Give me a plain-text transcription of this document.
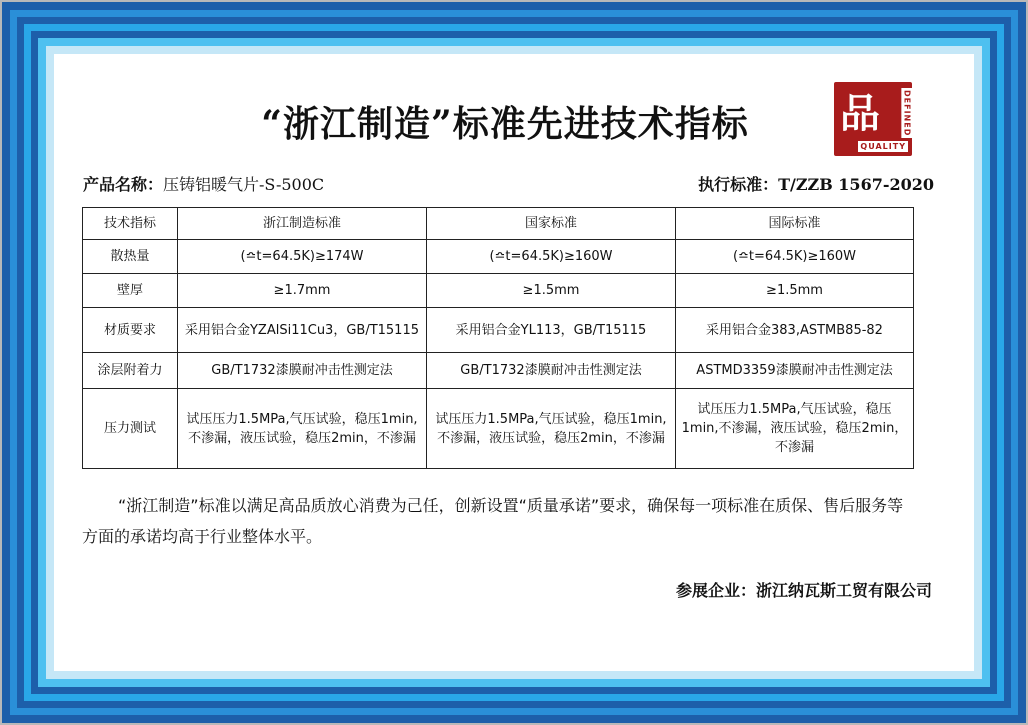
“浙江制造”标准先进技术指标	品	DEFINED
QUALITY
产品名称：压铸铝暖气片-S-500C	执行标准：T/ZZB 1567-2020
技术指标	浙江制造标准	国家标准	国际标准
散热量	(≏t=64.5K)≥174W	(≏t=64.5K)≥160W	(≏t=64.5K)≥160W
壁厚	≥1.7mm	≥1.5mm	≥1.5mm
材质要求	采用铝合金YZAlSi11Cu3，GB/T15115	采用铝合金YL113，GB/T15115	采用铝合金383,ASTMB85-82
涂层附着力	GB/T1732漆膜耐冲击性测定法	GB/T1732漆膜耐冲击性测定法	ASTMD3359漆膜耐冲击性测定法
压力测试	试压压力1.5MPa,气压试验，稳压1min,不渗漏，液压试验，稳压2min，不渗漏	试压压力1.5MPa,气压试验，稳压1min,不渗漏，液压试验，稳压2min，不渗漏	试压压力1.5MPa,气压试验，稳压1min,不渗漏，液压试验，稳压2min，不渗漏
“浙江制造”标准以满足高品质放心消费为己任，创新设置“质量承诺”要求，确保每一项标准在质保、售后服务等方面的承诺均高于行业整体水平。
参展企业：浙江纳瓦斯工贸有限公司
